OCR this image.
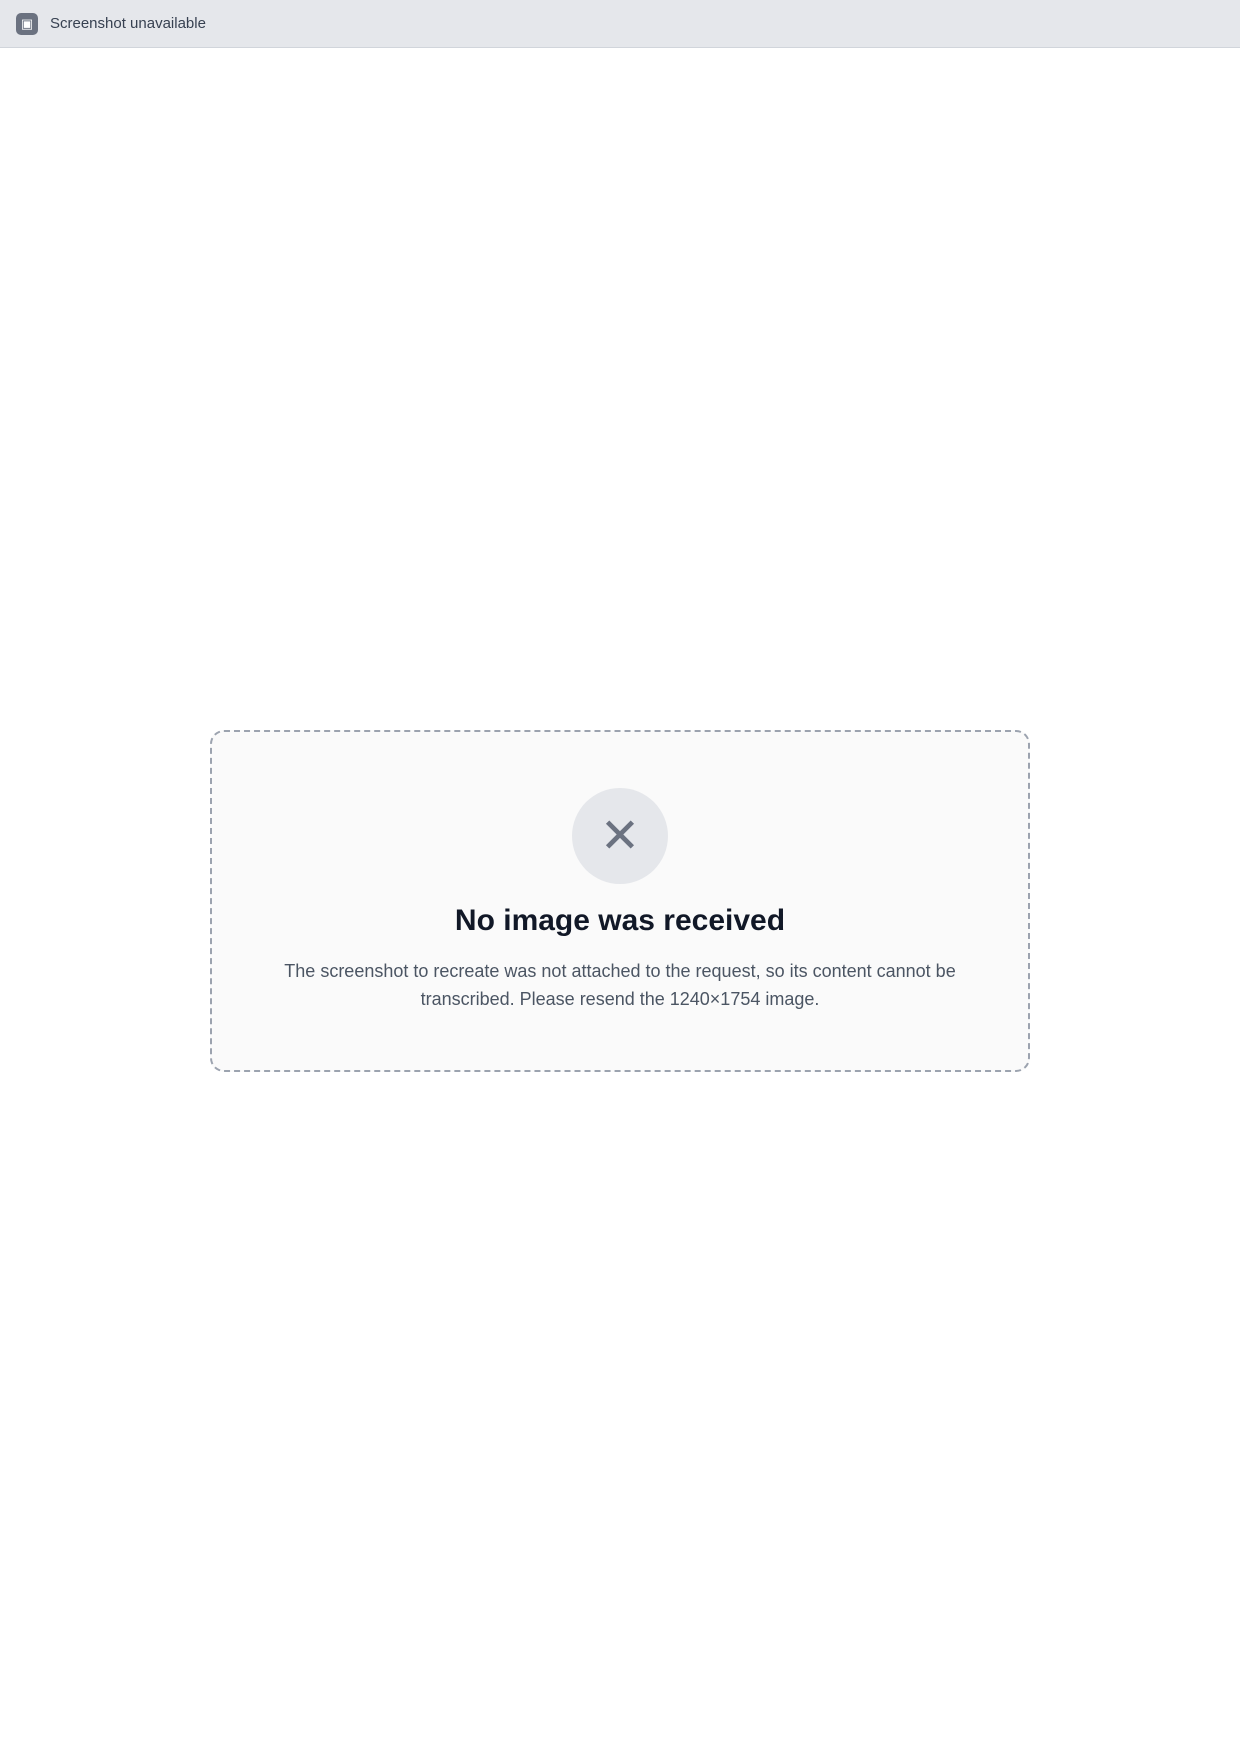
▣	Screenshot unavailable
✕
No image was received
The screenshot to recreate was not attached to the request, so its content cannot be transcribed. Please resend the 1240×1754 image.
